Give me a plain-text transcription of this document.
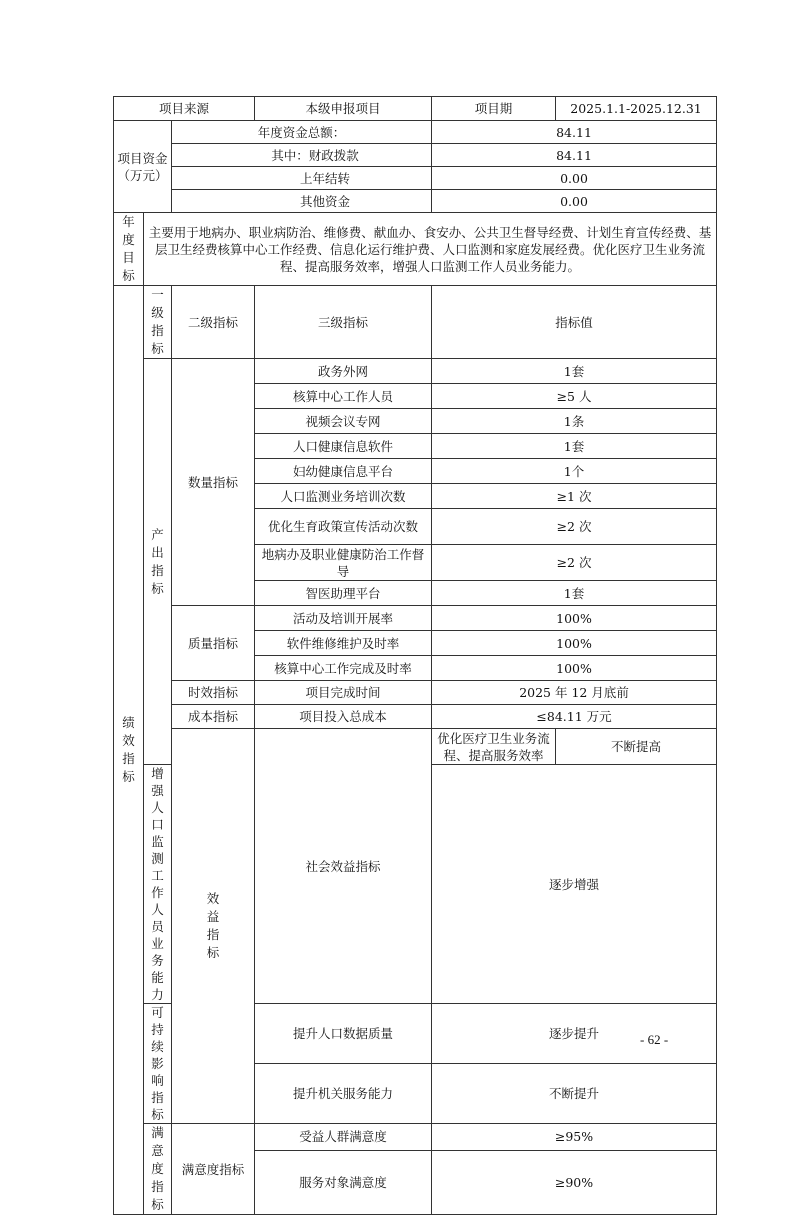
项目来源			本级申报项目	项目期	2025.1.1-2025.12.31
项目资金（万元）		年度资金总额：		84.11	
		其中：财政拨款		84.11	
		上年结转		0.00	
		其他资金		0.00	

年度目标	主要用于地病办、职业病防治、维修费、献血办、食安办、公共卫生督导经费、计划生育宣传经费、基层卫生经费核算中心工作经费、信息化运行维护费、人口监测和家庭发展经费。优化医疗卫生业务流程、提高服务效率，增强人口监测工作人员业务能力。				

绩效指标	一级指标	二级指标	三级指标	指标值	

	产出指标	数量指标	政务外网	1套	
			核算中心工作人员	≥5 人	
			视频会议专网	1条	
			人口健康信息软件	1套	
			妇幼健康信息平台	1个	
			人口监测业务培训次数	≥1 次	
			优化生育政策宣传活动次数	≥2 次	
			地病办及职业健康防治工作督导	≥2 次	
			智医助理平台	1套	
		质量指标	活动及培训开展率	100%	
			软件维修维护及时率	100%	
			核算中心工作完成及时率	100%	
		时效指标	项目完成时间	2025 年 12 月底前	
		成本指标	项目投入总成本	≤84.11 万元	

		效益指标	社会效益指标	优化医疗卫生业务流程、提高服务效率	不断提高
	增强人口监测工作人员业务能力			逐步增强	
	可持续影响指标		提升人口数据质量	逐步提升	
			提升机关服务能力	不断提升	

	满意度指标	满意度指标	受益人群满意度	≥95%	
			服务对象满意度	≥90%	
- 62 -
